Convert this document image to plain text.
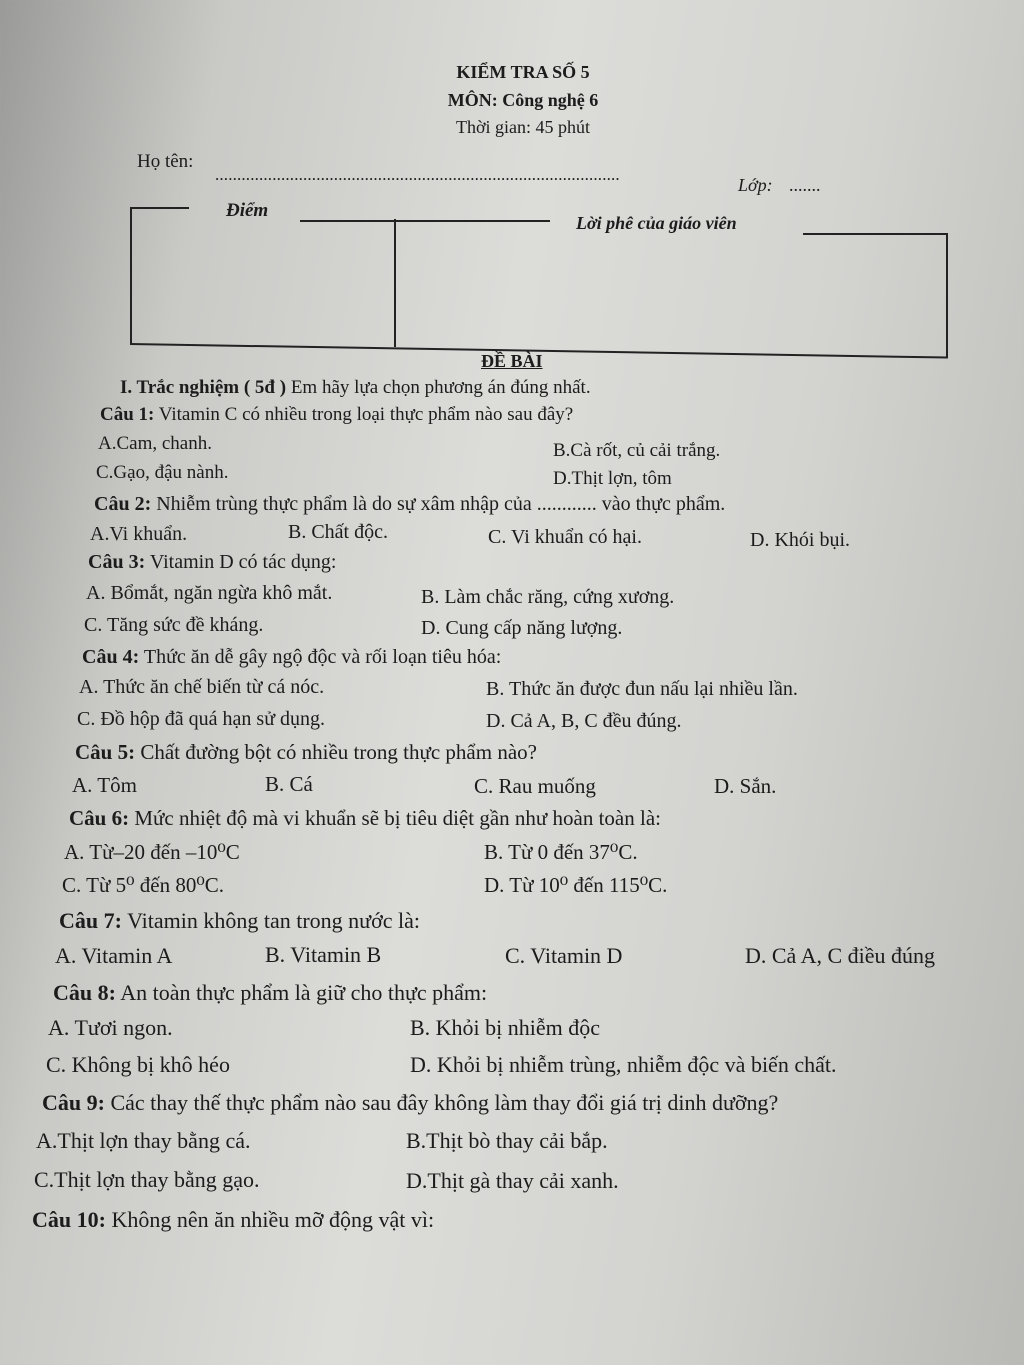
KIỂM TRA SỐ 5
MÔN: Công nghệ 6
Thời gian: 45 phút
Họ tên:
............................................................................................
Lớp: .......
Điểm
Lời phê của giáo viên
ĐỀ BÀI
I. Trắc nghiệm ( 5đ ) Em hãy lựa chọn phương án đúng nhất.
Câu 1: Vitamin C có nhiều trong loại thực phẩm nào sau đây?
A.Cam, chanh.	B.Cà rốt, củ cải trắng.
C.Gạo, đậu nành.	D.Thịt lợn, tôm
Câu 2: Nhiễm trùng thực phẩm là do sự xâm nhập của ............ vào thực phẩm.
A.Vi khuẩn.	B. Chất độc.	C. Vi khuẩn có hại.	D. Khói bụi.
Câu 3: Vitamin D có tác dụng:
A. Bổmắt, ngăn ngừa khô mắt.	B. Làm chắc răng, cứng xương.
C. Tăng sức đề kháng.	D. Cung cấp năng lượng.
Câu 4: Thức ăn dễ gây ngộ độc và rối loạn tiêu hóa:
A. Thức ăn chế biến từ cá nóc.	B. Thức ăn được đun nấu lại nhiều lần.
C. Đồ hộp đã quá hạn sử dụng.	D. Cả A, B, C đều đúng.
Câu 5: Chất đường bột có nhiều trong thực phẩm nào?
A. Tôm	B. Cá	C. Rau muống	D. Sắn.
Câu 6: Mức nhiệt độ mà vi khuẩn sẽ bị tiêu diệt gần như hoàn toàn là:
A. Từ–20 đến –10⁰C	B. Từ 0 đến 37⁰C.
C. Từ 5⁰ đến 80⁰C.	D. Từ 10⁰ đến 115⁰C.
Câu 7: Vitamin không tan trong nước là:
A. Vitamin A	B. Vitamin B	C. Vitamin D	D. Cả A, C điều đúng
Câu 8: An toàn thực phẩm là giữ cho thực phẩm:
A. Tươi ngon.	B. Khỏi bị nhiễm độc
C. Không bị khô héo	D. Khỏi bị nhiễm trùng, nhiễm độc và biến chất.
Câu 9: Các thay thế thực phẩm nào sau đây không làm thay đổi giá trị dinh dưỡng?
A.Thịt lợn thay bằng cá.	B.Thịt bò thay cải bắp.
C.Thịt lợn thay bằng gạo.	D.Thịt gà thay cải xanh.
Câu 10: Không nên ăn nhiều mỡ động vật vì:
